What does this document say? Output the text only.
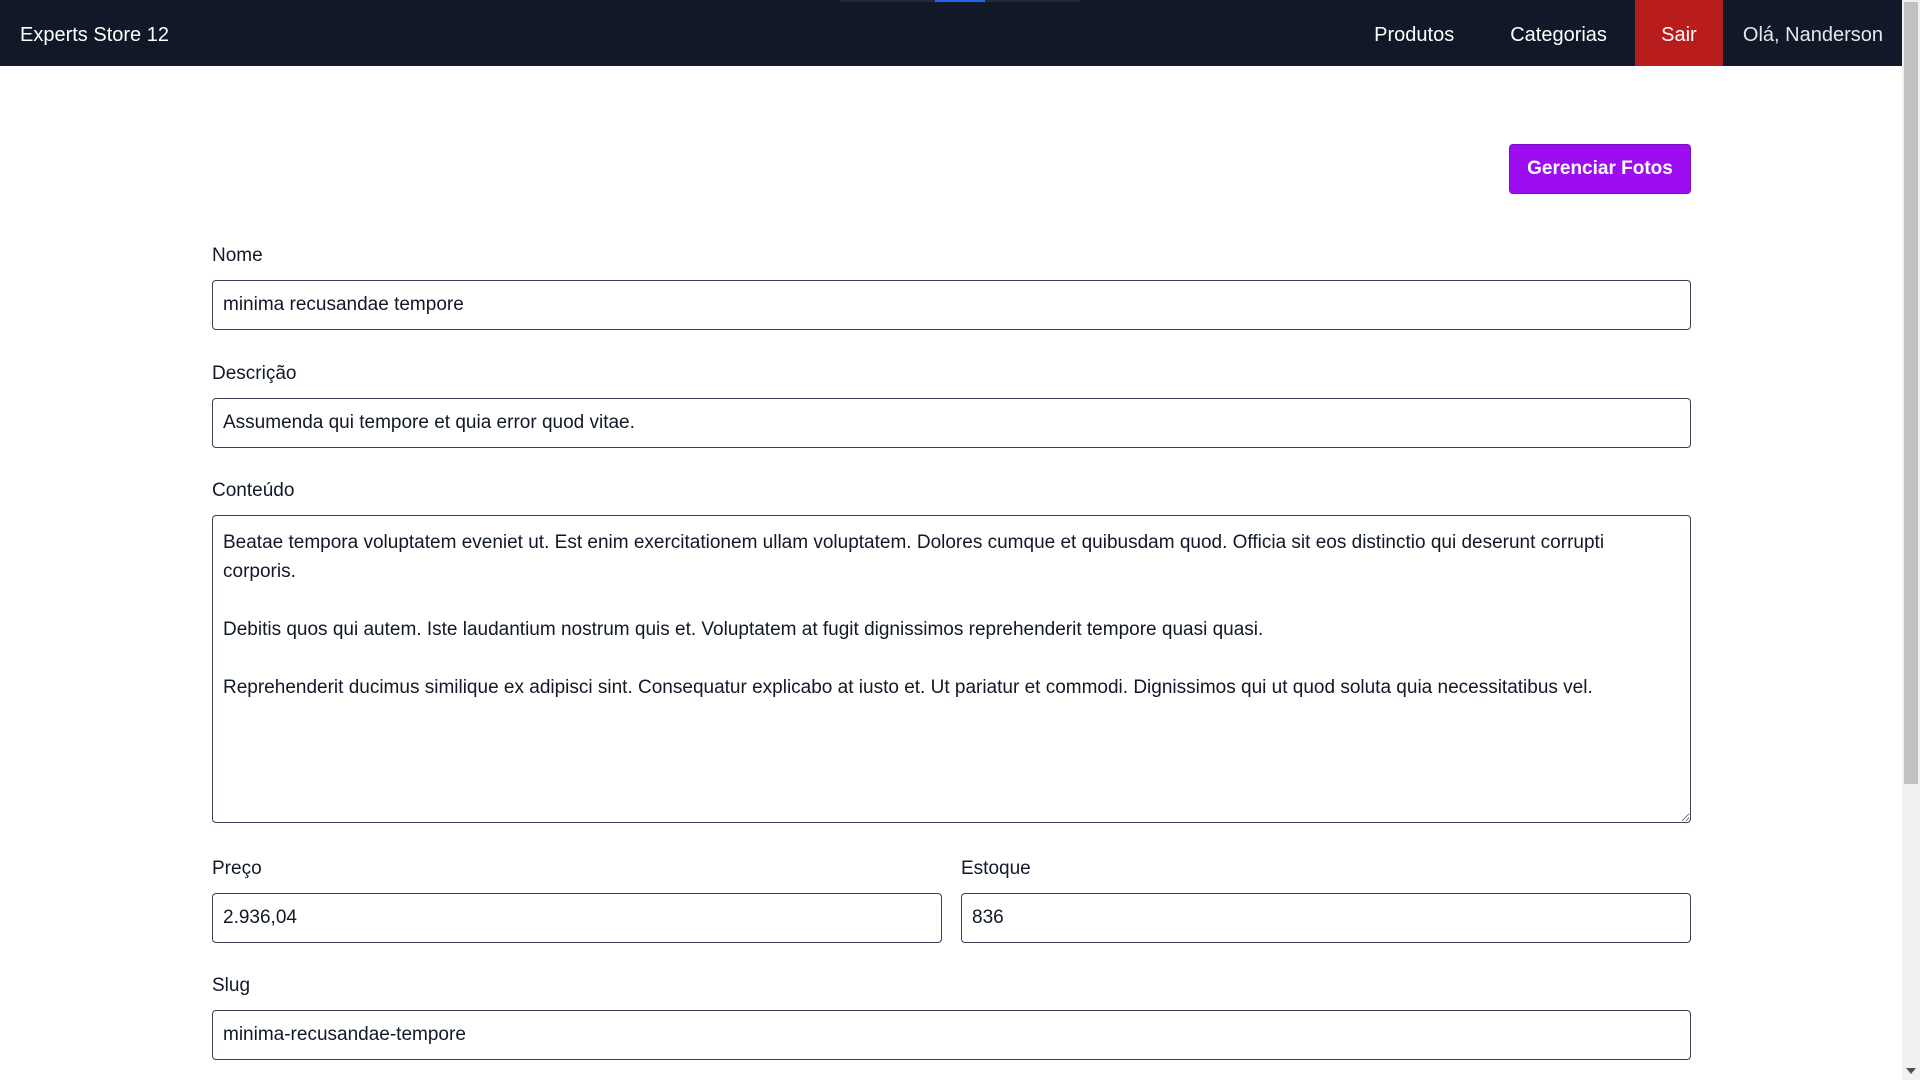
Experts Store 12	Produtos	Categorias	Sair	Olá, Nanderson
Gerenciar Fotos
Nome
minima recusandae tempore
Descrição
Assumenda qui tempore et quia error quod vitae.
Conteúdo
Beatae tempora voluptatem eveniet ut. Est enim exercitationem ullam voluptatem. Dolores cumque et quibusdam quod. Officia sit eos distinctio qui deserunt corrupti corporis. Debitis quos qui autem. Iste laudantium nostrum quis et. Voluptatem at fugit dignissimos reprehenderit tempore quasi quasi. Reprehenderit ducimus similique ex adipisci sint. Consequatur explicabo at iusto et. Ut pariatur et commodi. Dignissimos qui ut quod soluta quia necessitatibus vel.
Preço
2.936,04	Estoque
836
Slug
minima-recusandae-tempore
